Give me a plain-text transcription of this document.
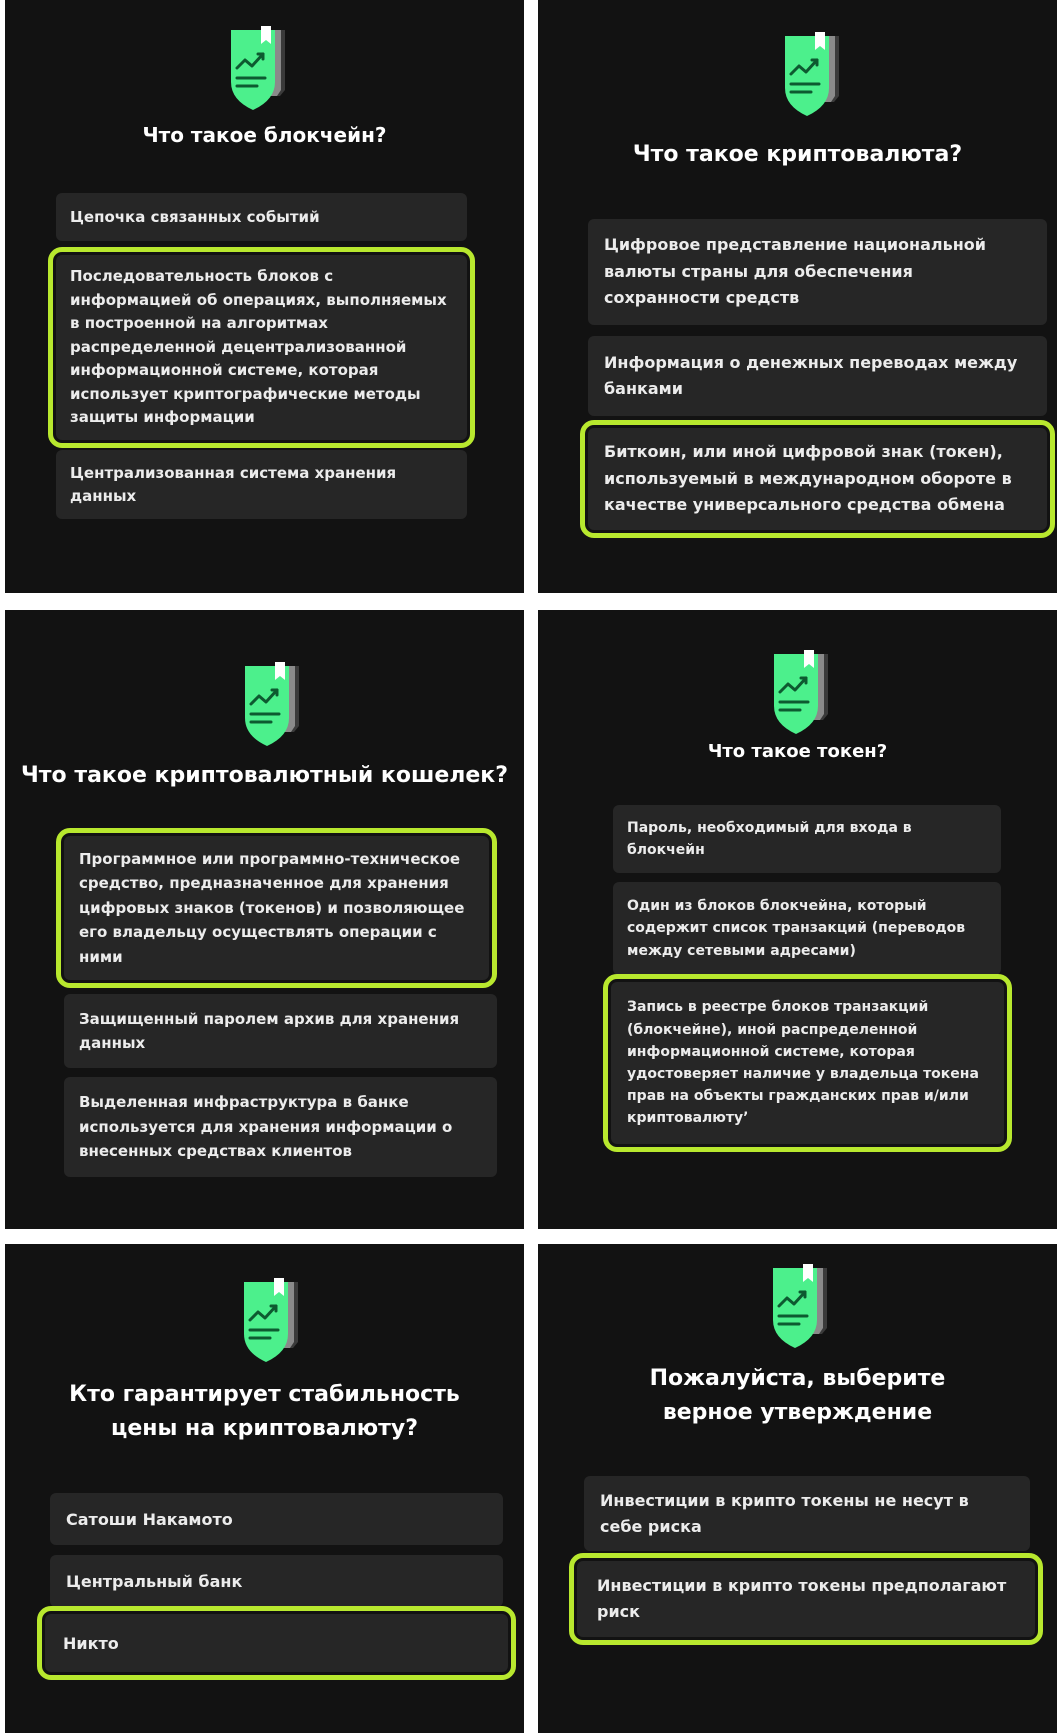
Что такое блокчейн?
Цепочка связанных событий
Последовательность блоков с информацией об операциях, выполняемых в построенной на алгоритмах распределенной децентрализованной информационной системе, которая использует криптографические методы защиты информации
Централизованная система хранения данных
Что такое криптовалюта?
Цифровое представление национальной валюты страны для обеспечения сохранности средств
Информация о денежных переводах между банками
Биткоин, или иной цифровой знак (токен), используемый в международном обороте в качестве универсального средства обмена
Что такое криптовалютный кошелек?
Программное или программно-техническое средство, предназначенное для хранения цифровых знаков (токенов) и позволяющее его владельцу осуществлять операции с ними
Защищенный паролем архив для хранения данных
Выделенная инфраструктура в банке используется для хранения информации о внесенных средствах клиентов
Что такое токен?
Пароль, необходимый для входа в блокчейн
Один из блоков блокчейна, который содержит список транзакций (переводов между сетевыми адресами)
Запись в реестре блоков транзакций (блокчейне), иной распределенной информационной системе, которая удостоверяет наличие у владельца токена прав на объекты гражданских прав и/или криптовалюту’
Кто гарантирует стабильность цены на криптовалюту?
Сатоши Накамото
Центральный банк
Никто
Пожалуйста, выберите верное утверждение
Инвестиции в крипто токены не несут в себе риска
Инвестиции в крипто токены предполагают риск
